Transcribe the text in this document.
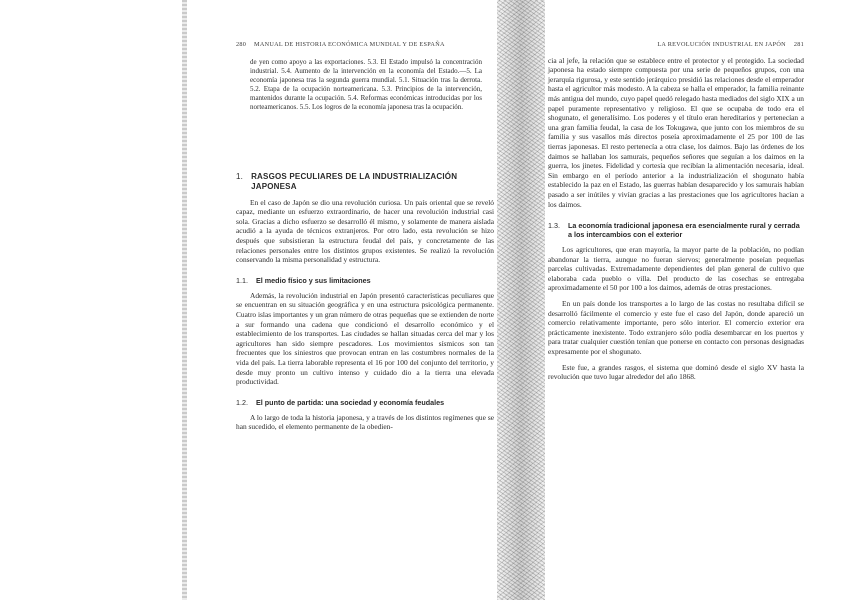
280 MANUAL DE HISTORIA ECONÓMICA MUNDIAL Y DE ESPAÑA

de yen como apoyo a las exportaciones. 5.3. El Estado impulsó la concentración industrial. 5.4. Aumento de la intervención en la economía del Estado.—5. La economía japonesa tras la segunda guerra mundial. 5.1. Situación tras la derrota. 5.2. Etapa de la ocupación norteamericana. 5.3. Principios de la intervención, mantenidos durante la ocupación. 5.4. Reformas económicas introducidas por los norteamericanos. 5.5. Los logros de la economía japonesa tras la ocupación.

1. RASGOS PECULIARES DE LA INDUSTRIALIZACIÓN JAPONESA

En el caso de Japón se dio una revolución curiosa. Un país oriental que se reveló capaz, mediante un esfuerzo extraordinario, de hacer una revolución industrial casi sola. Gracias a dicho esfuerzo se desarrolló él mismo, y solamente de manera aislada acudió a la ayuda de técnicos extranjeros. Por otro lado, esta revolución se hizo después que subsistieran la estructura feudal del país, y concretamente de las relaciones personales entre los distintos grupos existentes. Se realizó la revolución conservando la misma personalidad y estructura.

1.1. El medio físico y sus limitaciones

Además, la revolución industrial en Japón presentó características peculiares que se encuentran en su situación geográfica y en una estructura psicológica permanente. Cuatro islas importantes y un gran número de otras pequeñas que se extienden de norte a sur formando una cadena que condicionó el desarrollo económico y el establecimiento de los transportes. Las ciudades se hallan situadas cerca del mar y los agricultores han sido siempre pescadores. Los movimientos sísmicos son tan frecuentes que los siniestros que provocan entran en las costumbres normales de la vida del país. La tierra laborable representa el 16 por 100 del conjunto del territorio, y desde muy pronto un cultivo intenso y cuidado dio a la tierra una elevada productividad.

1.2. El punto de partida: una sociedad y economía feudales

A lo largo de toda la historia japonesa, y a través de los distintos regímenes que se han sucedido, el elemento permanente de la obedien-

LA REVOLUCIÓN INDUSTRIAL EN JAPÓN 281

cia al jefe, la relación que se establece entre el protector y el protegido. La sociedad japonesa ha estado siempre compuesta por una serie de pequeños grupos, con una jerarquía rigurosa, y este sentido jerárquico presidió las relaciones desde el emperador hasta el agricultor más modesto. A la cabeza se halla el emperador, la familia reinante más antigua del mundo, cuyo papel quedó relegado hasta mediados del siglo XIX a un papel puramente representativo y religioso. El que se ocupaba de todo era el shogunato, el generalísimo. Los poderes y el título eran hereditarios y pertenecían a una gran familia feudal, la casa de los Tokugawa, que junto con los miembros de su familia y sus vasallos más directos poseía aproximadamente el 25 por 100 de las tierras japonesas. El resto pertenecía a otra clase, los daimos. Bajo las órdenes de los daimos se hallaban los samurais, pequeños señores que seguían a los daimos en la guerra, los jinetes. Fidelidad y cortesía que recibían la alimentación necesaria, ideal. Sin embargo en el período anterior a la industrialización el shogunato había establecido la paz en el Estado, las guerras habían desaparecido y los samurais habían pasado a ser inútiles y vivían gracias a las prestaciones que los agricultores hacían a los daimos.

1.3. La economía tradicional japonesa era esencialmente rural y cerrada a los intercambios con el exterior

Los agricultores, que eran mayoría, la mayor parte de la población, no podían abandonar la tierra, aunque no fueran siervos; generalmente poseían pequeñas parcelas cultivadas. Extremadamente dependientes del plan general de cultivo que elaboraba cada pueblo o villa. Del producto de las cosechas se entregaba aproximadamente el 50 por 100 a los daimos, además de otras prestaciones.

En un país donde los transportes a lo largo de las costas no resultaba difícil se desarrolló fácilmente el comercio y este fue el caso del Japón, donde apareció un comercio relativamente importante, pero sólo interior. El comercio exterior era prácticamente inexistente. Todo extranjero sólo podía desembarcar en los puertos y para tratar cualquier cuestión tenían que ponerse en contacto con personas designadas expresamente por el shogunato.

Este fue, a grandes rasgos, el sistema que dominó desde el siglo XV hasta la revolución que tuvo lugar alrededor del año 1868.
